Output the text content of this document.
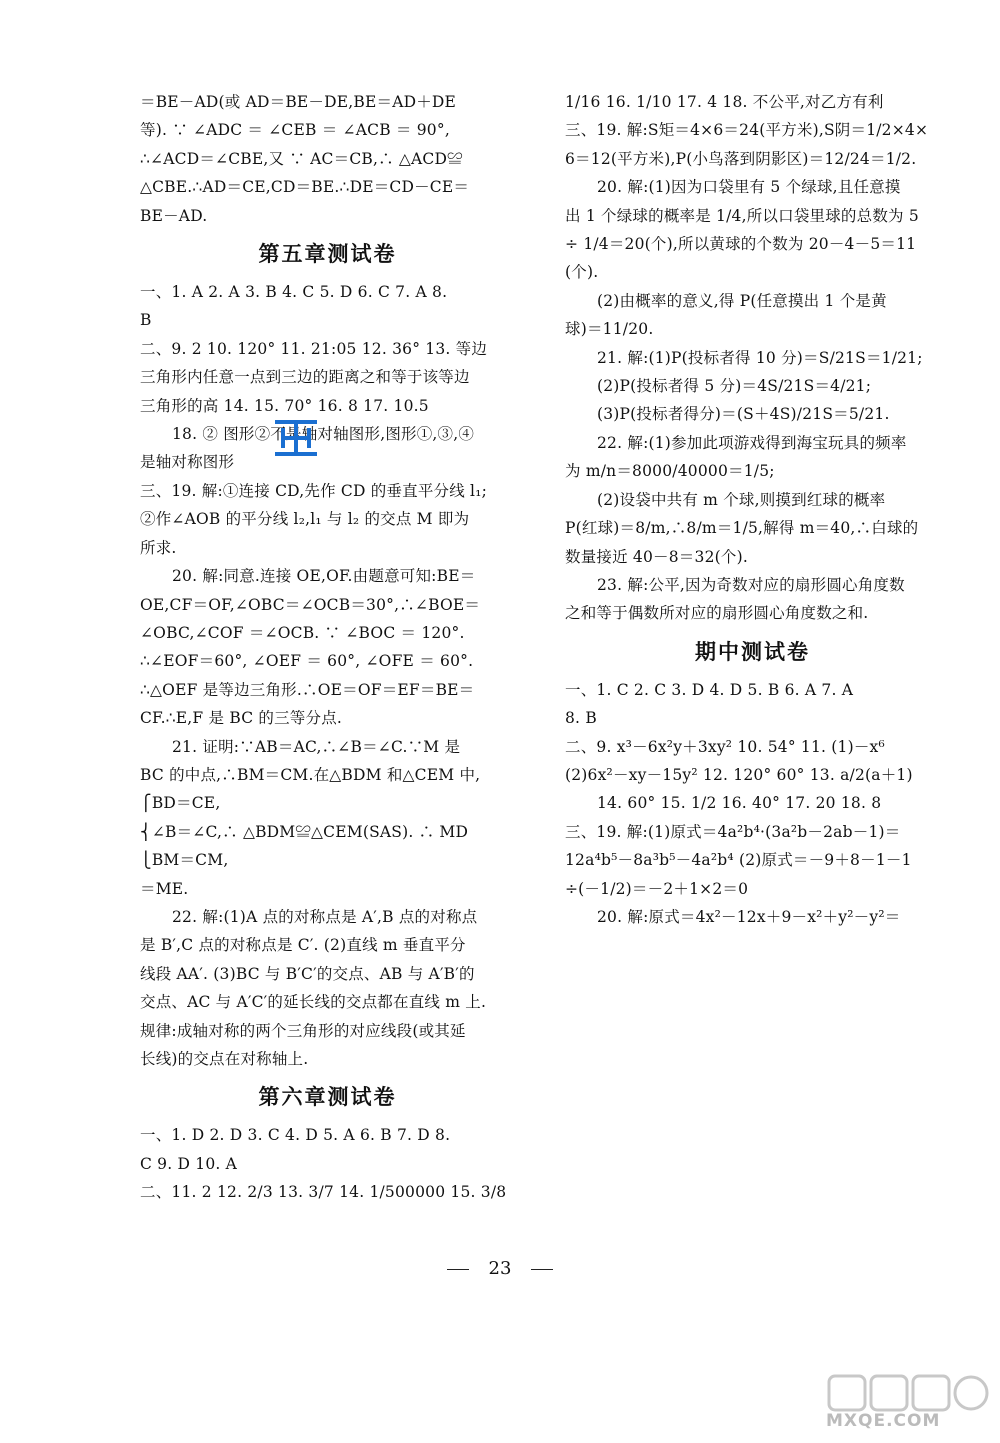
＝BE－AD(或 AD＝BE－DE,BE＝AD＋DE
等). ∵ ∠ADC ＝ ∠CEB ＝ ∠ACB ＝ 90°,
∴∠ACD＝∠CBE,又 ∵ AC＝CB,∴ △ACD≌
△CBE.∴AD＝CE,CD＝BE.∴DE＝CD－CE＝
BE－AD.
第五章测试卷
一、1. A 2. A 3. B 4. C 5. D 6. C 7. A 8.
B
二、9. 2 10. 120° 11. 21:05 12. 36° 13. 等边
三角形内任意一点到三边的距离之和等于该等边
三角形的高 14. 15. 70° 16. 8 17. 10.5
18. ② 图形②不是轴对轴图形,图形①,③,④
是轴对称图形
三、19. 解:①连接 CD,先作 CD 的垂直平分线 l₁;
②作∠AOB 的平分线 l₂,l₁ 与 l₂ 的交点 M 即为
所求.
20. 解:同意.连接 OE,OF.由题意可知:BE＝
OE,CF＝OF,∠OBC＝∠OCB＝30°,∴∠BOE＝
∠OBC,∠COF ＝∠OCB. ∵ ∠BOC ＝ 120°.
∴∠EOF＝60°, ∠OEF ＝ 60°, ∠OFE ＝ 60°.
∴△OEF 是等边三角形.∴OE＝OF＝EF＝BE＝
CF.∴E,F 是 BC 的三等分点.
21. 证明:∵AB＝AC,∴∠B＝∠C.∵M 是
BC 的中点,∴BM＝CM.在△BDM 和△CEM 中,
⎧BD＝CE,
⎨∠B＝∠C,∴ △BDM≌△CEM(SAS). ∴ MD
⎩BM＝CM,
＝ME.
22. 解:(1)A 点的对称点是 A′,B 点的对称点
是 B′,C 点的对称点是 C′. (2)直线 m 垂直平分
线段 AA′. (3)BC 与 B′C′的交点、AB 与 A′B′的
交点、AC 与 A′C′的延长线的交点都在直线 m 上.
规律:成轴对称的两个三角形的对应线段(或其延
长线)的交点在对称轴上.
第六章测试卷
一、1. D 2. D 3. C 4. D 5. A 6. B 7. D 8.
C 9. D 10. A
二、11. 2 12. 2/3 13. 3/7 14. 1/500000 15. 3/8
1/16 16. 1/10 17. 4 18. 不公平,对乙方有利
三、19. 解:S矩＝4×6＝24(平方米),S阴＝1/2×4×
6＝12(平方米),P(小鸟落到阴影区)＝12/24＝1/2.
20. 解:(1)因为口袋里有 5 个绿球,且任意摸
出 1 个绿球的概率是 1/4,所以口袋里球的总数为 5
÷ 1/4＝20(个),所以黄球的个数为 20－4－5＝11
(个).
(2)由概率的意义,得 P(任意摸出 1 个是黄
球)＝11/20.
21. 解:(1)P(投标者得 10 分)＝S/21S＝1/21;
(2)P(投标者得 5 分)＝4S/21S＝4/21;
(3)P(投标者得分)＝(S＋4S)/21S＝5/21.
22. 解:(1)参加此项游戏得到海宝玩具的频率
为 m/n＝8000/40000＝1/5;
(2)设袋中共有 m 个球,则摸到红球的概率
P(红球)＝8/m,∴8/m＝1/5,解得 m＝40,∴白球的
数量接近 40－8＝32(个).
23. 解:公平,因为奇数对应的扇形圆心角度数
之和等于偶数所对应的扇形圆心角度数之和.
期中测试卷
一、1. C 2. C 3. D 4. D 5. B 6. A 7. A
8. B
二、9. x³－6x²y＋3xy² 10. 54° 11. (1)－x⁶
(2)6x²－xy－15y² 12. 120° 60° 13. a/2(a＋1)
14. 60° 15. 1/2 16. 40° 17. 20 18. 8
三、19. 解:(1)原式＝4a²b⁴·(3a²b－2ab－1)＝
12a⁴b⁵－8a³b⁵－4a²b⁴ (2)原式＝－9＋8－1－1
÷(－1/2)＝－2＋1×2＝0
20. 解:原式＝4x²－12x＋9－x²＋y²－y²＝
23
MXQE.COM
